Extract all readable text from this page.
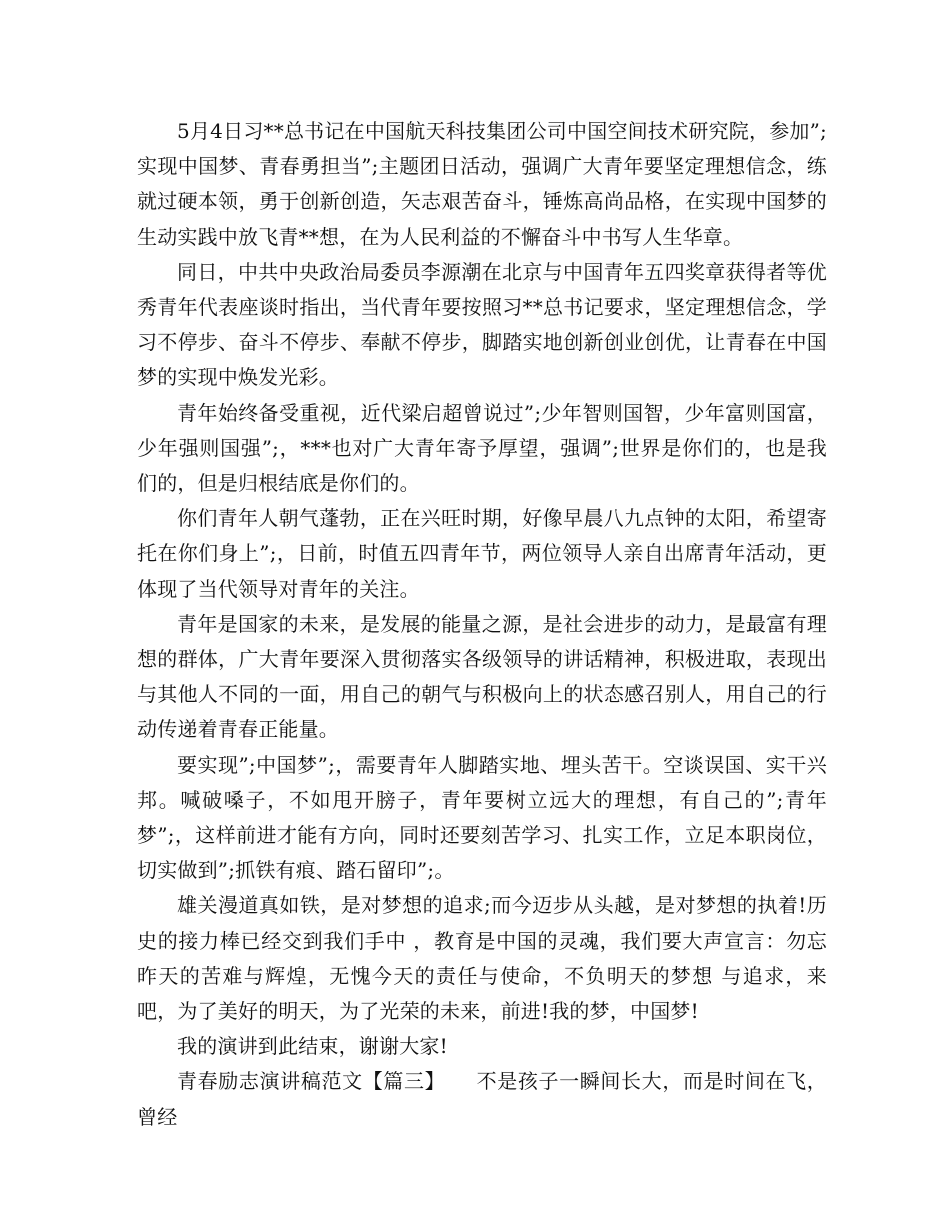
5月4日习**总书记在中国航天科技集团公司中国空间技术研究院，参加”;实现中国梦、青春勇担当”;主题团日活动，强调广大青年要坚定理想信念，练就过硬本领，勇于创新创造，矢志艰苦奋斗，锤炼高尚品格，在实现中国梦的生动实践中放飞青**想，在为人民利益的不懈奋斗中书写人生华章。

同日，中共中央政治局委员李源潮在北京与中国青年五四奖章获得者等优秀青年代表座谈时指出，当代青年要按照习**总书记要求，坚定理想信念，学习不停步、奋斗不停步、奉献不停步，脚踏实地创新创业创优，让青春在中国梦的实现中焕发光彩。

青年始终备受重视，近代梁启超曾说过”;少年智则国智，少年富则国富，少年强则国强”;，***也对广大青年寄予厚望，强调”;世界是你们的，也是我们的，但是归根结底是你们的。

你们青年人朝气蓬勃，正在兴旺时期，好像早晨八九点钟的太阳，希望寄托在你们身上”;，日前，时值五四青年节，两位领导人亲自出席青年活动，更体现了当代领导对青年的关注。

青年是国家的未来，是发展的能量之源，是社会进步的动力，是最富有理想的群体，广大青年要深入贯彻落实各级领导的讲话精神，积极进取，表现出与其他人不同的一面，用自己的朝气与积极向上的状态感召别人，用自己的行动传递着青春正能量。

要实现”;中国梦”;，需要青年人脚踏实地、埋头苦干。空谈误国、实干兴邦。喊破嗓子，不如甩开膀子，青年要树立远大的理想，有自己的”;青年梦”;，这样前进才能有方向，同时还要刻苦学习、扎实工作，立足本职岗位，切实做到”;抓铁有痕、踏石留印”;。

雄关漫道真如铁，是对梦想的追求;而今迈步从头越，是对梦想的执着!历史的接力棒已经交到我们手中 ，教育是中国的灵魂，我们要大声宣言：勿忘昨天的苦难与辉煌，无愧今天的责任与使命，不负明天的梦想 与追求，来吧，为了美好的明天，为了光荣的未来，前进!我的梦，中国梦!

我的演讲到此结束，谢谢大家!

青春励志演讲稿范文【篇三】　　不是孩子一瞬间长大，而是时间在飞，曾经
